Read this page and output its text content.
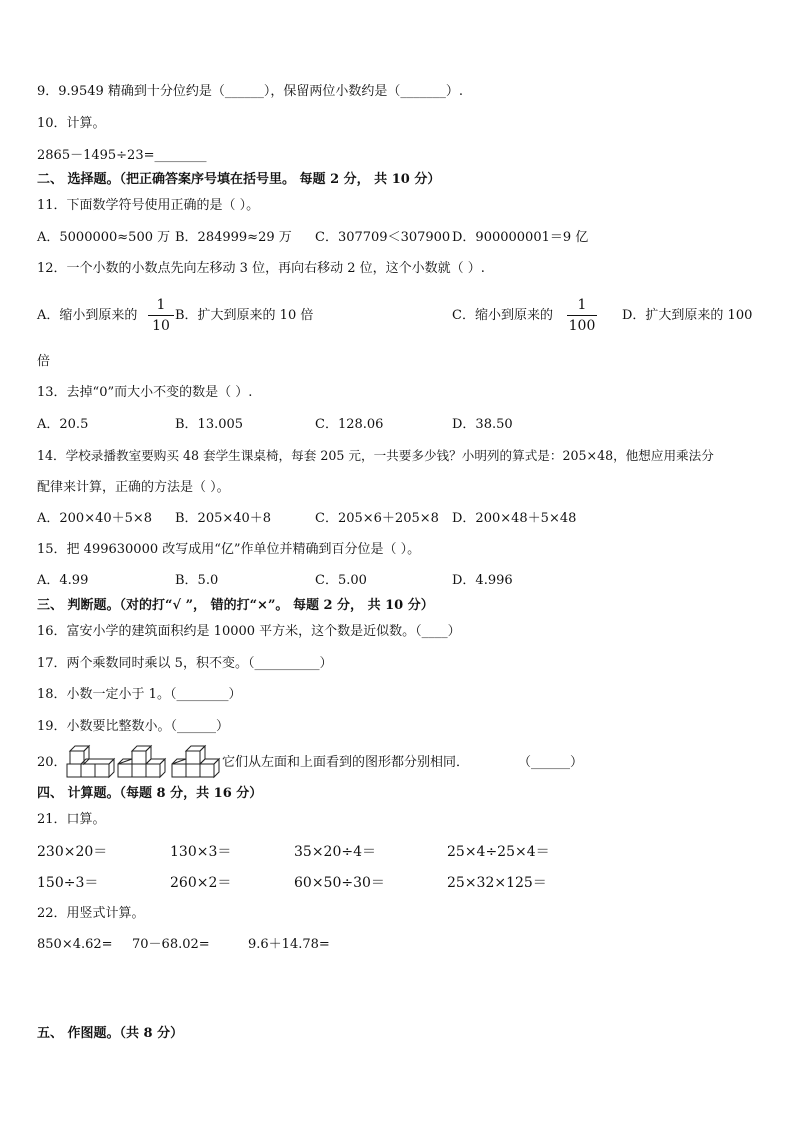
9．9.9549 精确到十分位约是（______），保留两位小数约是（_______）.
10．计算。
2865－1495÷23=________
二、 选择题。（把正确答案序号填在括号里。 每题 2 分， 共 10 分）
11．下面数学符号使用正确的是（ ）。
A．5000000≈500 万 B．284999≈29 万 C．307709＜307900 D．900000001＝9 亿
12．一个小数的小数点先向左移动 3 位，再向右移动 2 位，这个小数就（ ）.
A．缩小到原来的
1
10
B．扩大到原来的 10 倍	C．缩小到原来的
1
100
D．扩大到原来的 100
倍
13．去掉“0”而大小不变的数是（ ）.
A．20.5	B．13.005	C．128.06	D．38.50
14．学校录播教室要购买 48 套学生课桌椅，每套 205 元，一共要多少钱？小明列的算式是：205×48，他想应用乘法分
配律来计算，正确的方法是（ ）。
A．200×40＋5×8 B．205×40＋8	C．205×6＋205×8 D．200×48＋5×48
15．把 499630000 改写成用“亿”作单位并精确到百分位是（ ）。
A．4.99	B．5.0	C．5.00	D．4.996
三、 判断题。（对的打“√ ”， 错的打“×”。 每题 2 分， 共 10 分）
16．富安小学的建筑面积约是 10000 平方米，这个数是近似数。（____）
17．两个乘数同时乘以 5，积不变。（__________）
18．小数一定小于 1。（________）
19．小数要比整数小。（______）
20．	它们从左面和上面看到的图形都分别相同．	（______）
四、 计算题。（每题 8 分，共 16 分）
21．口算。
230×20＝	130×3＝	35×20÷4＝	25×4÷25×4＝
150÷3＝	260×2＝	60×50÷30＝	25×32×125＝
22．用竖式计算。
850×4.62= 70－68.02=	9.6＋14.78=
五、 作图题。（共 8 分）
